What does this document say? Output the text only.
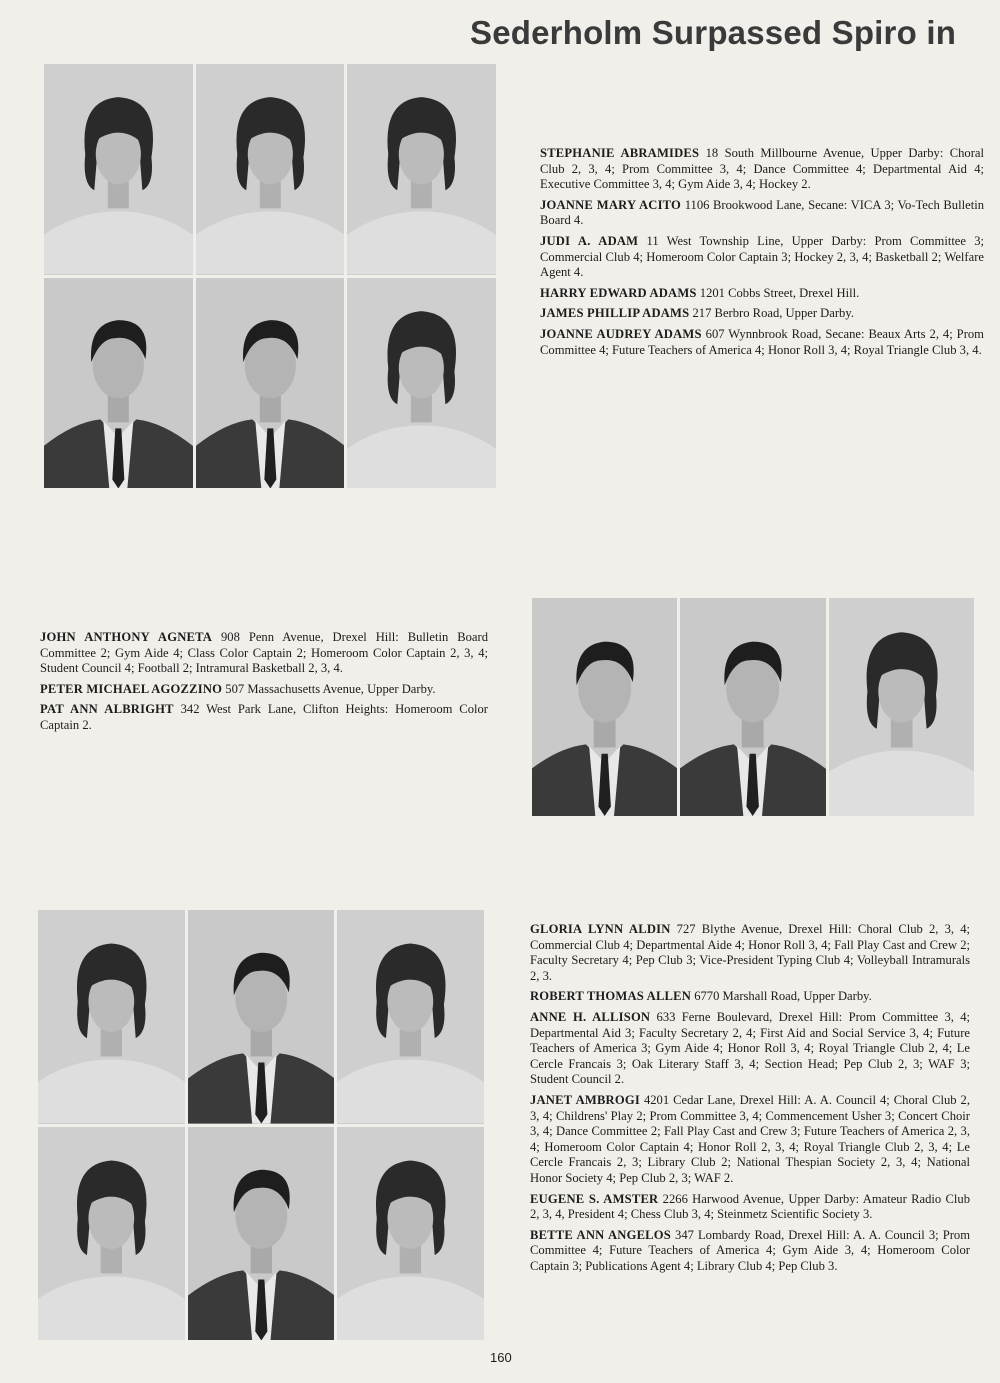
Sederholm Surpassed Spiro in

STEPHANIE ABRAMIDES 18 South Millbourne Avenue, Upper Darby: Choral Club 2, 3, 4; Prom Committee 3, 4; Dance Committee 4; Departmental Aid 4; Executive Committee 3, 4; Gym Aide 3, 4; Hockey 2.

JOANNE MARY ACITO 1106 Brookwood Lane, Secane: VICA 3; Vo-Tech Bulletin Board 4.

JUDI A. ADAM 11 West Township Line, Upper Darby: Prom Committee 3; Commercial Club 4; Homeroom Color Captain 3; Hockey 2, 3, 4; Basketball 2; Welfare Agent 4.

HARRY EDWARD ADAMS 1201 Cobbs Street, Drexel Hill.

JAMES PHILLIP ADAMS 217 Berbro Road, Upper Darby.

JOANNE AUDREY ADAMS 607 Wynnbrook Road, Secane: Beaux Arts 2, 4; Prom Committee 4; Future Teachers of America 4; Honor Roll 3, 4; Royal Triangle Club 3, 4.

JOHN ANTHONY AGNETA 908 Penn Avenue, Drexel Hill: Bulletin Board Committee 2; Gym Aide 4; Class Color Captain 2; Homeroom Color Captain 2, 3, 4; Student Council 4; Football 2; Intramural Basketball 2, 3, 4.

PETER MICHAEL AGOZZINO 507 Massachusetts Avenue, Upper Darby.

PAT ANN ALBRIGHT 342 West Park Lane, Clifton Heights: Homeroom Color Captain 2.

GLORIA LYNN ALDIN 727 Blythe Avenue, Drexel Hill: Choral Club 2, 3, 4; Commercial Club 4; Departmental Aide 4; Honor Roll 3, 4; Fall Play Cast and Crew 2; Faculty Secretary 4; Pep Club 3; Vice-President Typing Club 4; Volleyball Intramurals 2, 3.

ROBERT THOMAS ALLEN 6770 Marshall Road, Upper Darby.

ANNE H. ALLISON 633 Ferne Boulevard, Drexel Hill: Prom Committee 3, 4; Departmental Aid 3; Faculty Secretary 2, 4; First Aid and Social Service 3, 4; Future Teachers of America 3; Gym Aide 4; Honor Roll 3, 4; Royal Triangle Club 2, 4; Le Cercle Francais 3; Oak Literary Staff 3, 4; Section Head; Pep Club 2, 3; WAF 3; Student Council 2.

JANET AMBROGI 4201 Cedar Lane, Drexel Hill: A. A. Council 4; Choral Club 2, 3, 4; Childrens' Play 2; Prom Committee 3, 4; Commencement Usher 3; Concert Choir 3, 4; Dance Committee 2; Fall Play Cast and Crew 3; Future Teachers of America 2, 3, 4; Homeroom Color Captain 4; Honor Roll 2, 3, 4; Royal Triangle Club 2, 3, 4; Le Cercle Francais 2, 3; Library Club 2; National Thespian Society 2, 3, 4; National Honor Society 4; Pep Club 2, 3; WAF 2.

EUGENE S. AMSTER 2266 Harwood Avenue, Upper Darby: Amateur Radio Club 2, 3, 4, President 4; Chess Club 3, 4; Steinmetz Scientific Society 3.

BETTE ANN ANGELOS 347 Lombardy Road, Drexel Hill: A. A. Council 3; Prom Committee 4; Future Teachers of America 4; Gym Aide 3, 4; Homeroom Color Captain 3; Publications Agent 4; Library Club 4; Pep Club 3.

160
